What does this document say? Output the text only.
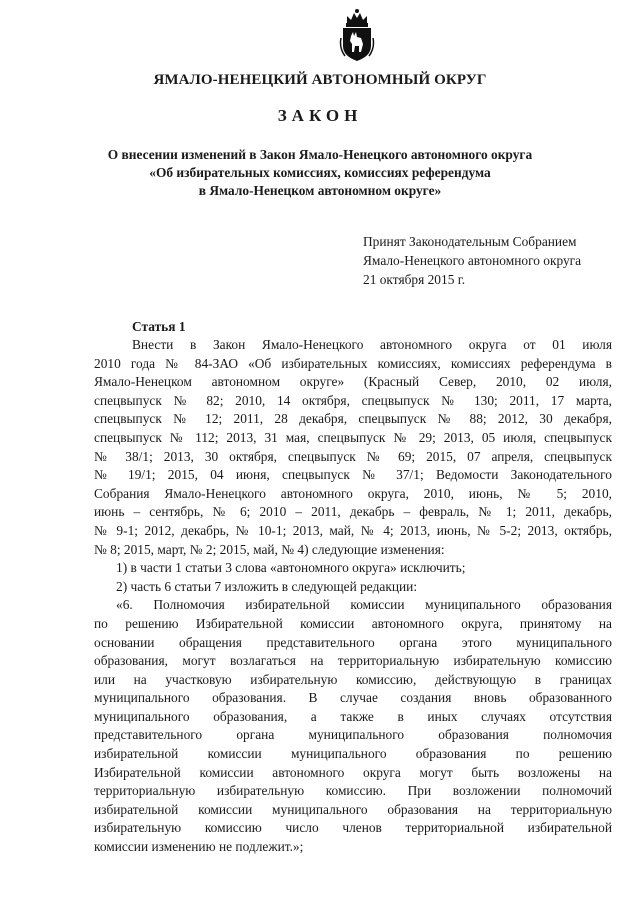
ЯМАЛО-НЕНЕЦКИЙ АВТОНОМНЫЙ ОКРУГ
ЗАКОН
О внесении изменений в Закон Ямало-Ненецкого автономного округа
«Об избирательных комиссиях, комиссиях референдума
в Ямало-Ненецком автономном округе»
Принят Законодательным Собранием
Ямало-Ненецкого автономного округа
21 октября 2015 г.
Статья 1
Внести в Закон Ямало-Ненецкого автономного округа от 01 июля
2010 года № 84-ЗАО «Об избирательных комиссиях, комиссиях референдума в
Ямало-Ненецком автономном округе» (Красный Север, 2010, 02 июля,
спецвыпуск № 82; 2010, 14 октября, спецвыпуск № 130; 2011, 17 марта,
спецвыпуск № 12; 2011, 28 декабря, спецвыпуск № 88; 2012, 30 декабря,
спецвыпуск № 112; 2013, 31 мая, спецвыпуск № 29; 2013, 05 июля, спецвыпуск
№ 38/1; 2013, 30 октября, спецвыпуск № 69; 2015, 07 апреля, спецвыпуск
№ 19/1; 2015, 04 июня, спецвыпуск № 37/1; Ведомости Законодательного
Собрания Ямало-Ненецкого автономного округа, 2010, июнь, № 5; 2010,
июнь – сентябрь, № 6; 2010 – 2011, декабрь – февраль, № 1; 2011, декабрь,
№ 9-1; 2012, декабрь, № 10-1; 2013, май, № 4; 2013, июнь, № 5-2; 2013, октябрь,
№ 8; 2015, март, № 2; 2015, май, № 4) следующие изменения:
1) в части 1 статьи 3 слова «автономного округа» исключить;
2) часть 6 статьи 7 изложить в следующей редакции:
«6. Полномочия избирательной комиссии муниципального образования
по решению Избирательной комиссии автономного округа, принятому на
основании обращения представительного органа этого муниципального
образования, могут возлагаться на территориальную избирательную комиссию
или на участковую избирательную комиссию, действующую в границах
муниципального образования. В случае создания вновь образованного
муниципального образования, а также в иных случаях отсутствия
представительного органа муниципального образования полномочия
избирательной комиссии муниципального образования по решению
Избирательной комиссии автономного округа могут быть возложены на
территориальную избирательную комиссию. При возложении полномочий
избирательной комиссии муниципального образования на территориальную
избирательную комиссию число членов территориальной избирательной
комиссии изменению не подлежит.»;
